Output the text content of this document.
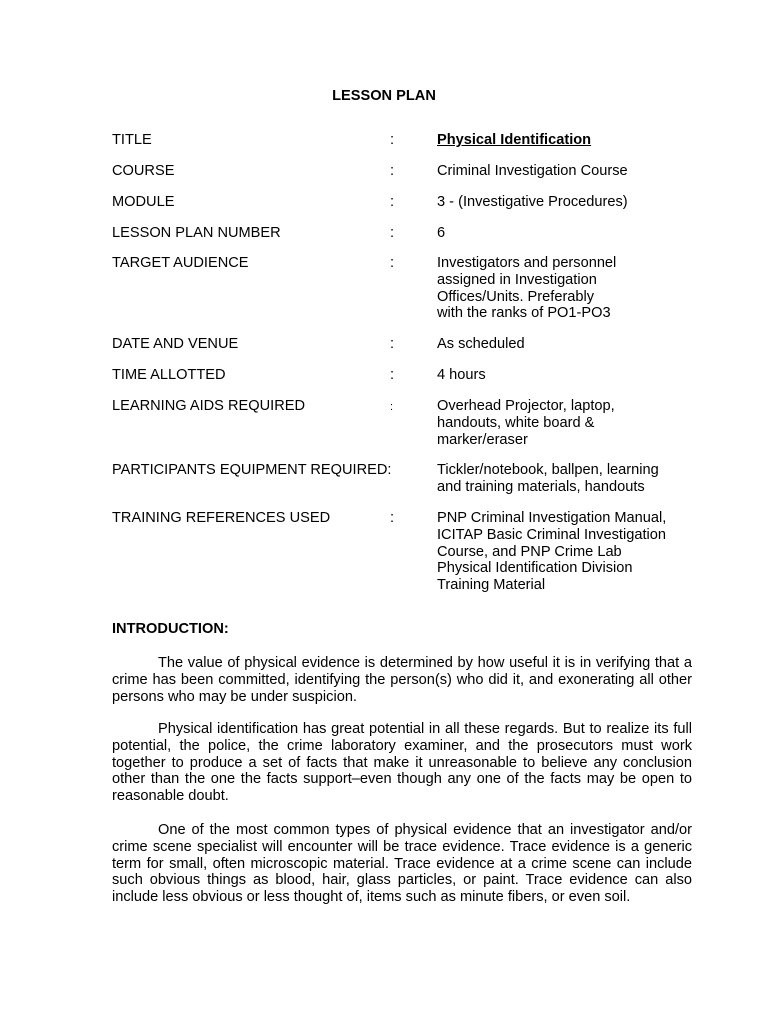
LESSON PLAN
TITLE	:	Physical Identification
COURSE	:	Criminal Investigation Course
MODULE	:	3 - (Investigative Procedures)
LESSON PLAN NUMBER	:	6
TARGET AUDIENCE	:	Investigators and personnel
assigned in Investigation
Offices/Units. Preferably
with the ranks of PO1-PO3
DATE AND VENUE	:	As scheduled
TIME ALLOTTED	:	4 hours
LEARNING AIDS REQUIRED	:	Overhead Projector, laptop,
handouts, white board &
marker/eraser
PARTICIPANTS EQUIPMENT REQUIRED:	Tickler/notebook, ballpen, learning
and training materials, handouts
TRAINING REFERENCES USED	:	PNP Criminal Investigation Manual,
ICITAP Basic Criminal Investigation
Course, and PNP Crime Lab
Physical Identification Division
Training Material
INTRODUCTION:

The value of physical evidence is determined by how useful it is in verifying that a crime has been committed, identifying the person(s) who did it, and exonerating all other persons who may be under suspicion.

Physical identification has great potential in all these regards. But to realize its full potential, the police, the crime laboratory examiner, and the prosecutors must work together to produce a set of facts that make it unreasonable to believe any conclusion other than the one the facts support–even though any one of the facts may be open to reasonable doubt.

One of the most common types of physical evidence that an investigator and/or crime scene specialist will encounter will be trace evidence. Trace evidence is a generic term for small, often microscopic material. Trace evidence at a crime scene can include such obvious things as blood, hair, glass particles, or paint. Trace evidence can also include less obvious or less thought of, items such as minute fibers, or even soil.
